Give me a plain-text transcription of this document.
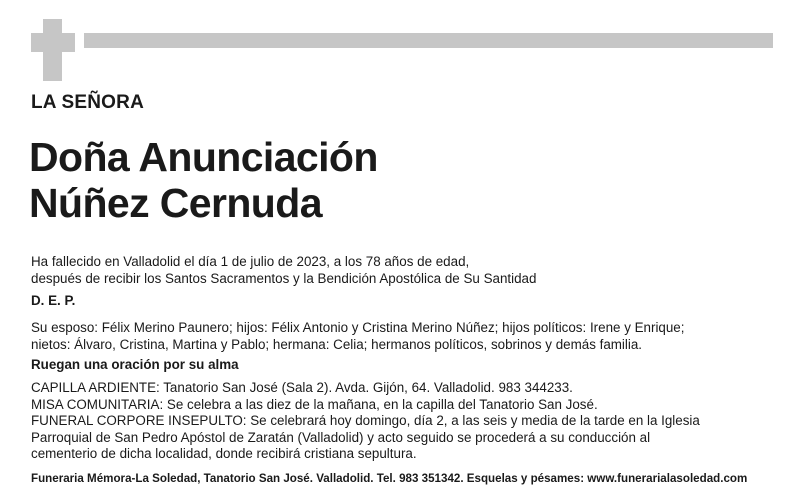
LA SEÑORA
Doña Anunciación
Núñez Cernuda
Ha fallecido en Valladolid el día 1 de julio de 2023, a los 78 años de edad,
después de recibir los Santos Sacramentos y la Bendición Apostólica de Su Santidad
D. E. P.
Su esposo: Félix Merino Paunero; hijos: Félix Antonio y Cristina Merino Núñez; hijos políticos: Irene y Enrique;
nietos: Álvaro, Cristina, Martina y Pablo; hermana: Celia; hermanos políticos, sobrinos y demás familia.
Ruegan una oración por su alma
CAPILLA ARDIENTE: Tanatorio San José (Sala 2). Avda. Gijón, 64. Valladolid. 983 344233.
MISA COMUNITARIA: Se celebra a las diez de la mañana, en la capilla del Tanatorio San José.
FUNERAL CORPORE INSEPULTO: Se celebrará hoy domingo, día 2, a las seis y media de la tarde en la Iglesia
Parroquial de San Pedro Apóstol de Zaratán (Valladolid) y acto seguido se procederá a su conducción al
cementerio de dicha localidad, donde recibirá cristiana sepultura.
Funeraria Mémora-La Soledad, Tanatorio San José. Valladolid. Tel. 983 351342. Esquelas y pésames: www.funerarialasoledad.com
